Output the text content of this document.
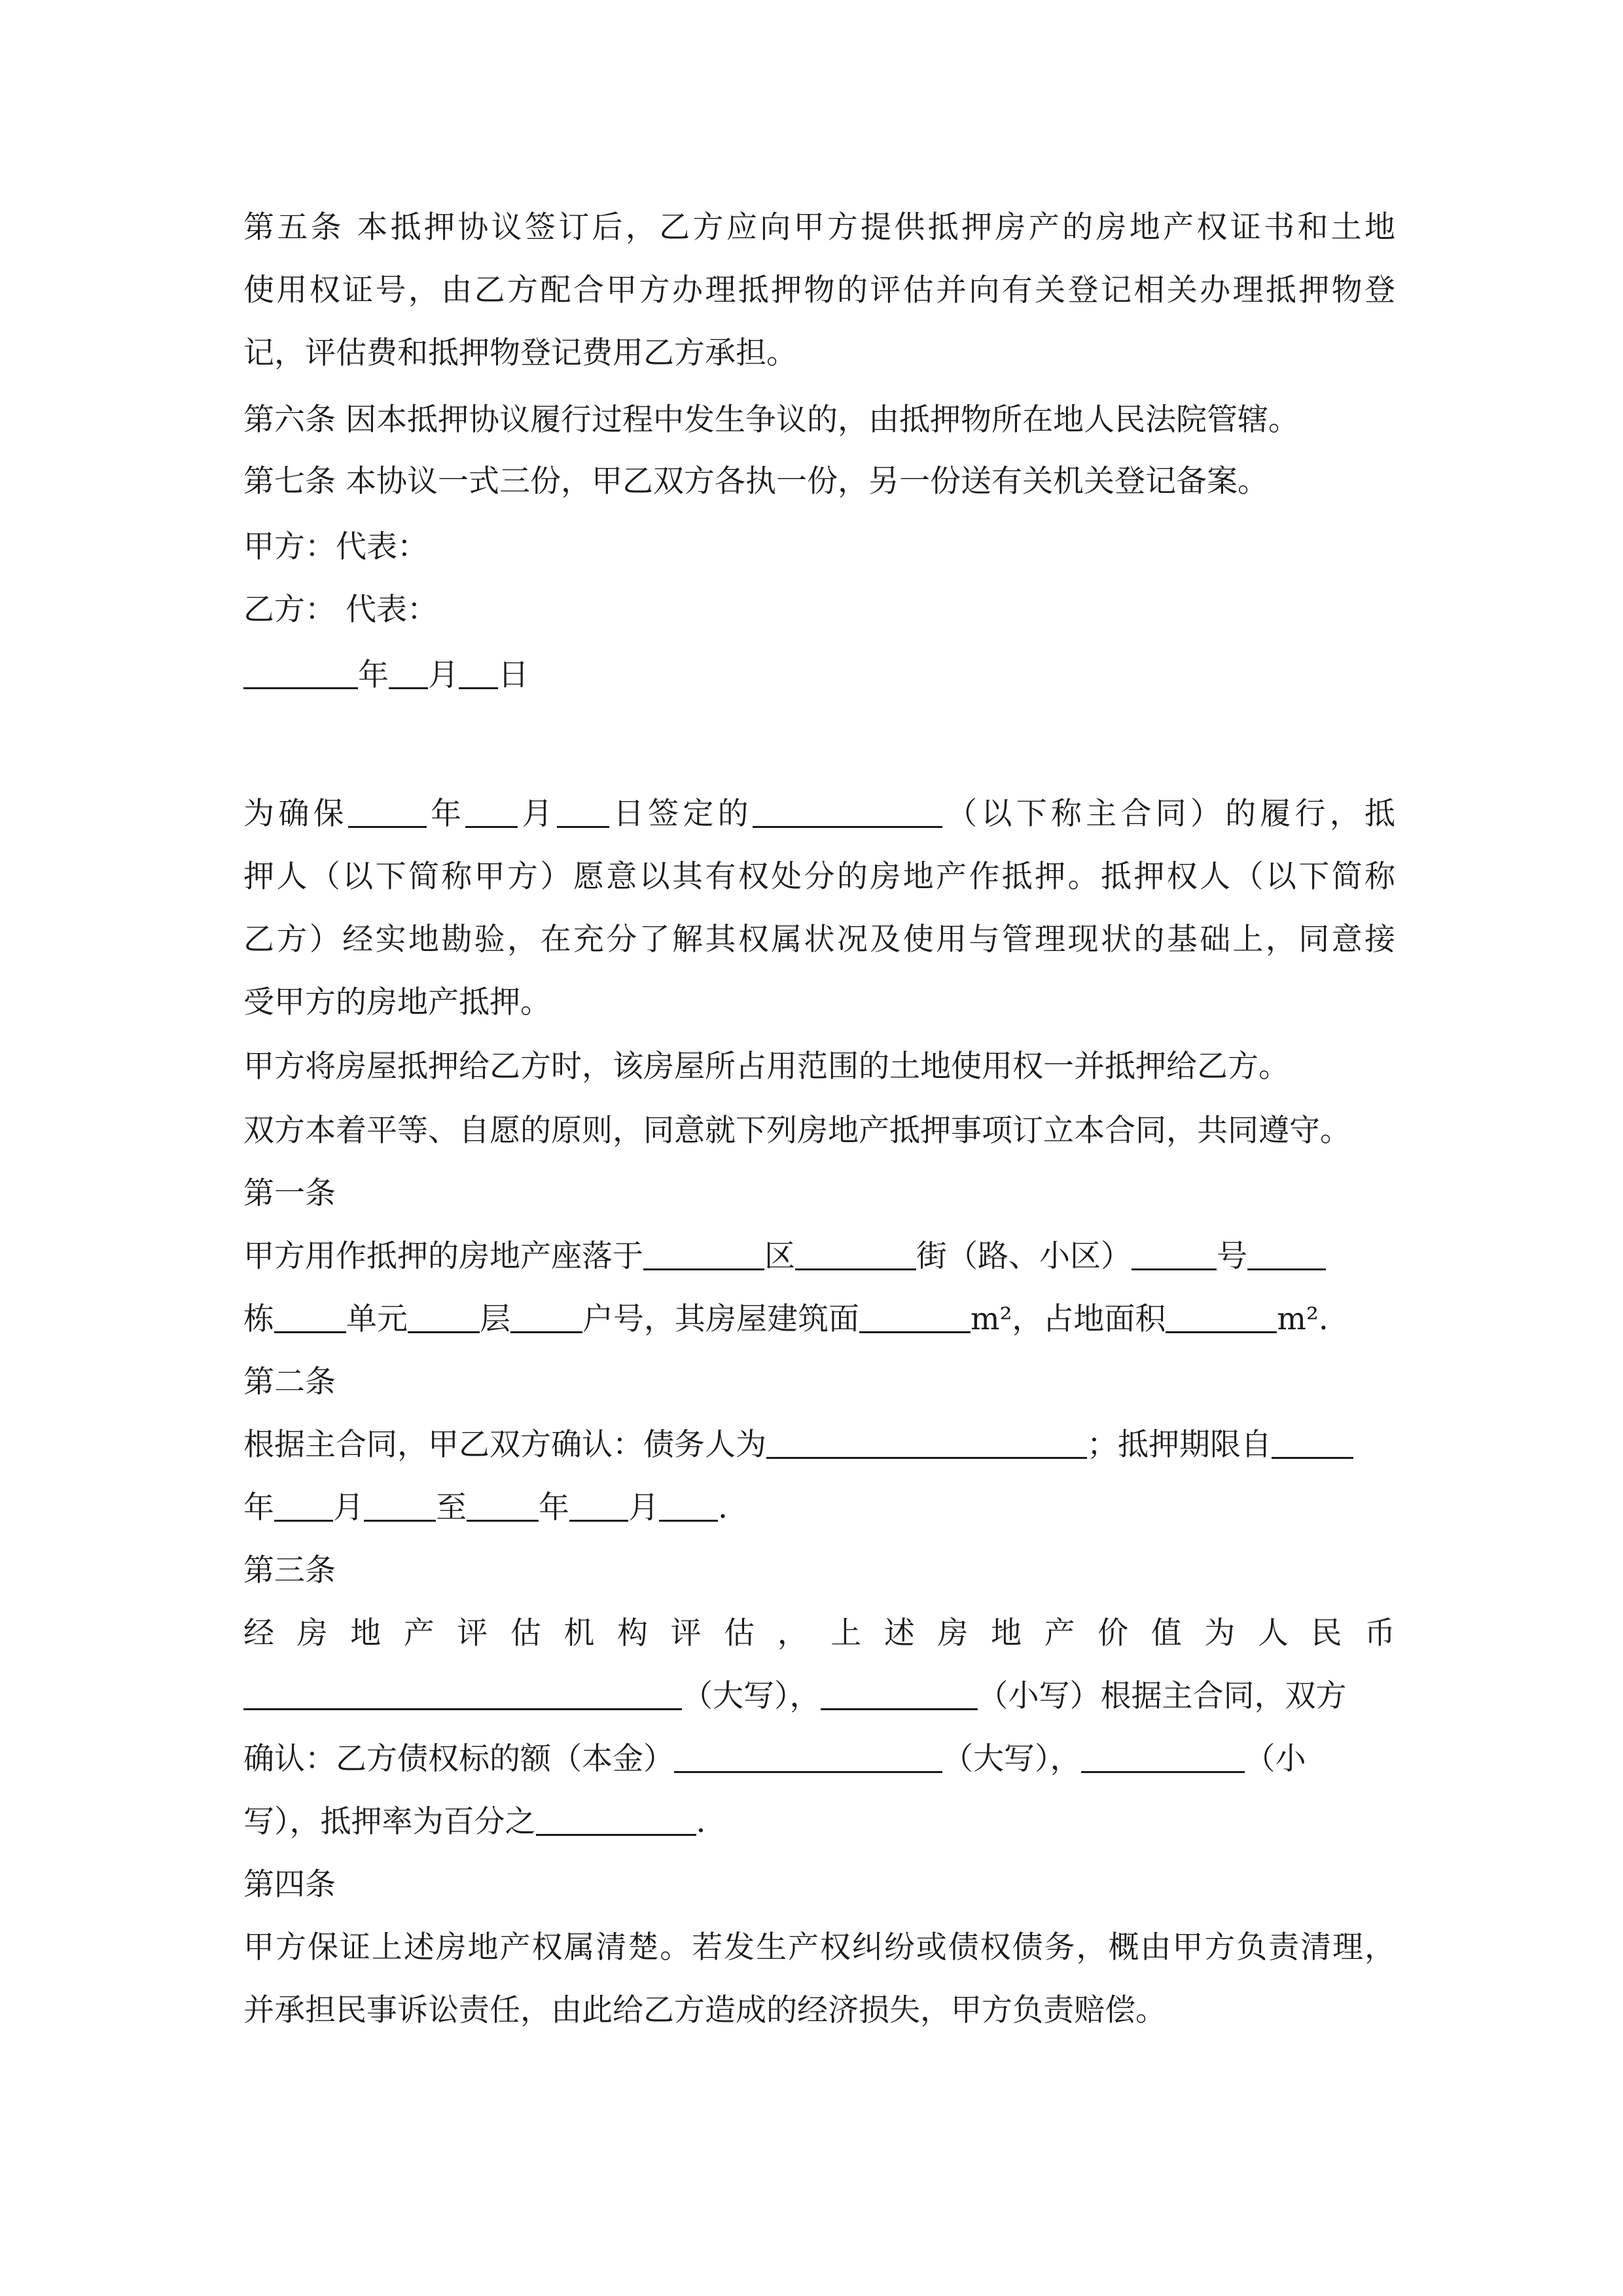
第五条 本抵押协议签订后，乙方应向甲方提供抵押房产的房地产权证书和土地
使用权证号，由乙方配合甲方办理抵押物的评估并向有关登记相关办理抵押物登
记，评估费和抵押物登记费用乙方承担。
第六条 因本抵押协议履行过程中发生争议的，由抵押物所在地人民法院管辖。
第七条 本协议一式三份，甲乙双方各执一份，另一份送有关机关登记备案。
甲方：代表：
乙方： 代表：
年 月 日
为确保	年 月 日签定的	（以下称主合同）的履行，抵
押人（以下简称甲方）愿意以其有权处分的房地产作抵押。抵押权人（以下简称
乙方）经实地勘验，在充分了解其权属状况及使用与管理现状的基础上，同意接
受甲方的房地产抵押。
甲方将房屋抵押给乙方时，该房屋所占用范围的土地使用权一并抵押给乙方。
双方本着平等、自愿的原则，同意就下列房地产抵押事项订立本合同，共同遵守。
第一条
甲方用作抵押的房地产座落于	区	街（路、小区）	号
栋 单元 层 户号，其房屋建筑面	m²，占地面积	m².
第二条
根据主合同，甲乙双方确认：债务人为	；抵押期限自
年 月 至 年 月 .
第三条
经房地产评估机构评估，上述房地产价值为人民币
（大写），	（小写）根据主合同，双方
确认：乙方债权标的额（本金）	（大写），	（小
写），抵押率为百分之	.
第四条
甲方保证上述房地产权属清楚。若发生产权纠纷或债权债务，概由甲方负责清理，
并承担民事诉讼责任，由此给乙方造成的经济损失，甲方负责赔偿。
